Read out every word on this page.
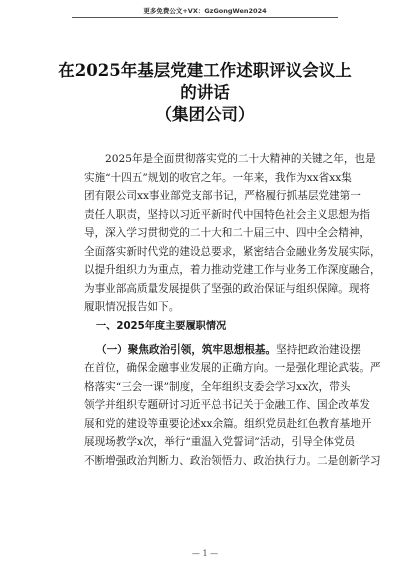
更多免费公文+VX：GzGongWen2024
在2025年基层党建工作述职评议会议上
的讲话
（集团公司）
2025年是全面贯彻落实党的二十大精神的关键之年，也是
实施“十四五”规划的收官之年。一年来，我作为xx省xx集
团有限公司xx事业部党支部书记，严格履行抓基层党建第一
责任人职责，坚持以习近平新时代中国特色社会主义思想为指
导，深入学习贯彻党的二十大和二十届三中、四中全会精神，
全面落实新时代党的建设总要求，紧密结合金融业务发展实际，
以提升组织力为重点，着力推动党建工作与业务工作深度融合，
为事业部高质量发展提供了坚强的政治保证与组织保障。现将
履职情况报告如下。
一、2025年度主要履职情况
（一）聚焦政治引领，筑牢思想根基。坚持把政治建设摆
在首位，确保金融事业发展的正确方向。一是强化理论武装。严
格落实“三会一课”制度，全年组织支委会学习xx次，带头
领学并组织专题研讨习近平总书记关于金融工作、国企改革发
展和党的建设等重要论述xx余篇。组织党员赴红色教育基地开
展现场教学x次，举行“重温入党誓词”活动，引导全体党员
不断增强政治判断力、政治领悟力、政治执行力。二是创新学习
— 1 —
